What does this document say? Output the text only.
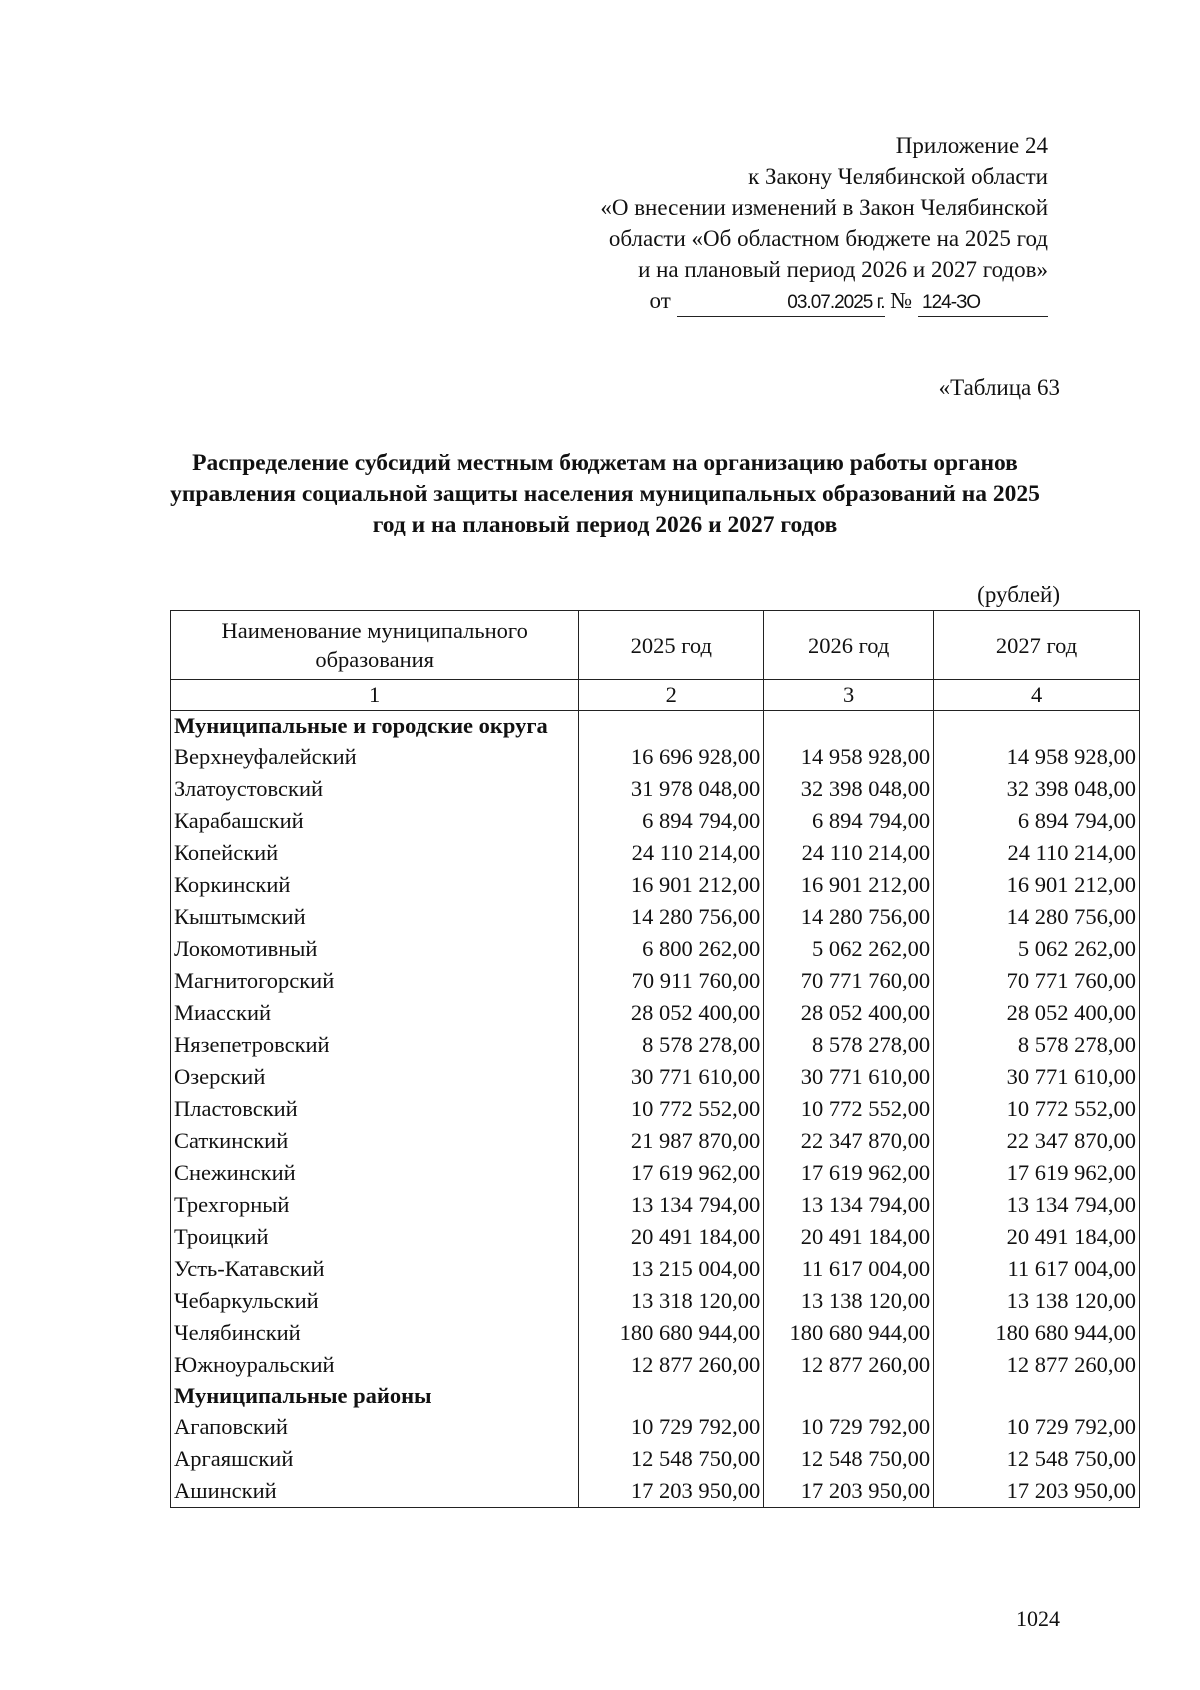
Приложение 24
к Закону Челябинской области
«О внесении изменений в Закон Челябинской
области «Об областном бюджете на 2025 год
и на плановый период 2026 и 2027 годов»
от	03.07.2025 г. № 124-ЗО
«Таблица 63
Распределение субсидий местным бюджетам на организацию работы органов управления социальной защиты населения муниципальных образований на 2025 год и на плановый период 2026 и 2027 годов
(рублей)
Наименование муниципального образования	2025 год	2026 год	2027 год
1	2	3	4
Муниципальные и городские округа			
Верхнеуфалейский	16 696 928,00	14 958 928,00	14 958 928,00
Златоустовский	31 978 048,00	32 398 048,00	32 398 048,00
Карабашский	6 894 794,00	6 894 794,00	6 894 794,00
Копейский	24 110 214,00	24 110 214,00	24 110 214,00
Коркинский	16 901 212,00	16 901 212,00	16 901 212,00
Кыштымский	14 280 756,00	14 280 756,00	14 280 756,00
Локомотивный	6 800 262,00	5 062 262,00	5 062 262,00
Магнитогорский	70 911 760,00	70 771 760,00	70 771 760,00
Миасский	28 052 400,00	28 052 400,00	28 052 400,00
Нязепетровский	8 578 278,00	8 578 278,00	8 578 278,00
Озерский	30 771 610,00	30 771 610,00	30 771 610,00
Пластовский	10 772 552,00	10 772 552,00	10 772 552,00
Саткинский	21 987 870,00	22 347 870,00	22 347 870,00
Снежинский	17 619 962,00	17 619 962,00	17 619 962,00
Трехгорный	13 134 794,00	13 134 794,00	13 134 794,00
Троицкий	20 491 184,00	20 491 184,00	20 491 184,00
Усть-Катавский	13 215 004,00	11 617 004,00	11 617 004,00
Чебаркульский	13 318 120,00	13 138 120,00	13 138 120,00
Челябинский	180 680 944,00	180 680 944,00	180 680 944,00
Южноуральский	12 877 260,00	12 877 260,00	12 877 260,00
Муниципальные районы			
Агаповский	10 729 792,00	10 729 792,00	10 729 792,00
Аргаяшский	12 548 750,00	12 548 750,00	12 548 750,00
Ашинский	17 203 950,00	17 203 950,00	17 203 950,00
1024
